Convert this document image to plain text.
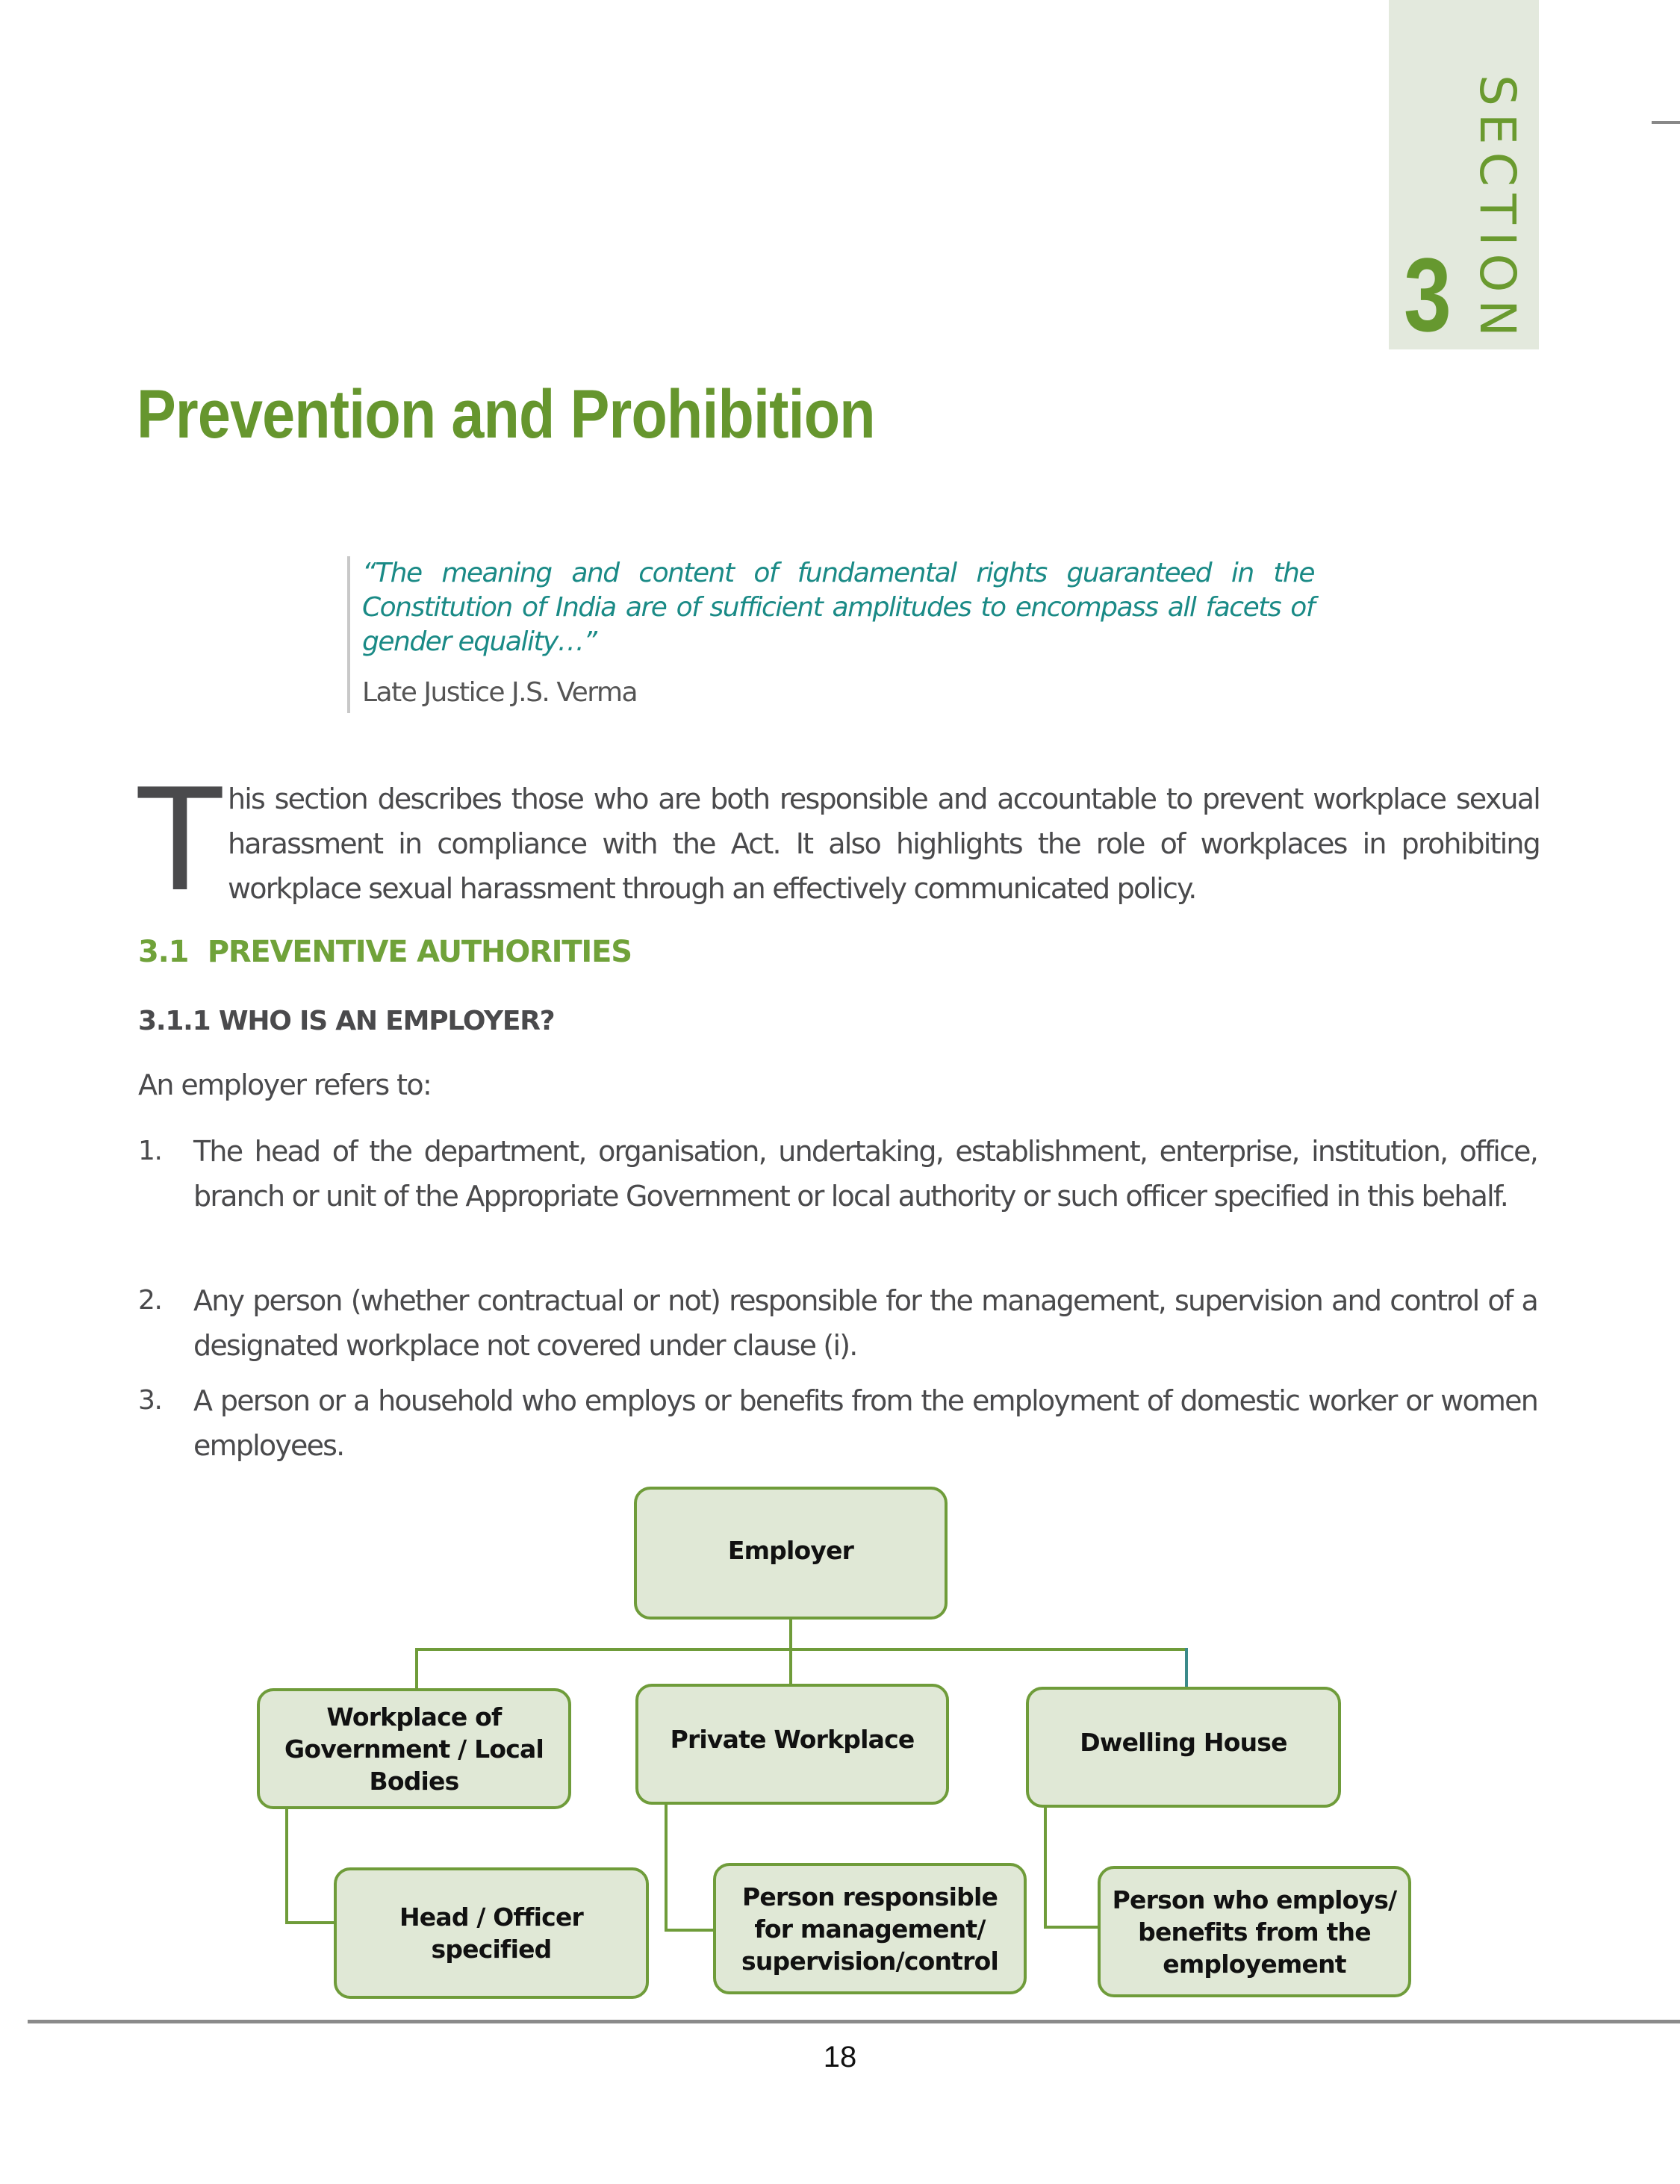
SECTION
3
Prevention and Prohibition
“The meaning and content of fundamental rights guaranteed in the Constitution of India are of sufficient amplitudes to encompass all facets of gender equality…”
Late Justice J.S. Verma
T his section describes those who are both responsible and accountable to prevent workplace sexual harassment in compliance with the Act. It also highlights the role of workplaces in prohibiting workplace sexual harassment through an effectively communicated policy.
3.1  PREVENTIVE AUTHORITIES
3.1.1 WHO IS AN EMPLOYER?
An employer refers to:
1. The head of the department, organisation, undertaking, establishment, enterprise, institution, office, branch or unit of the Appropriate Government or local authority or such officer specified in this behalf.
2. Any person (whether contractual or not) responsible for the management, supervision and control of a designated workplace not covered under clause (i).
3. A person or a household who employs or benefits from the employment of domestic worker or women employees.
Employer
Workplace of Government / Local Bodies
Private Workplace	Dwelling House
Head / Officer specified
Person responsible for management/ supervision/control
Person who employs/ benefits from the employement
18
